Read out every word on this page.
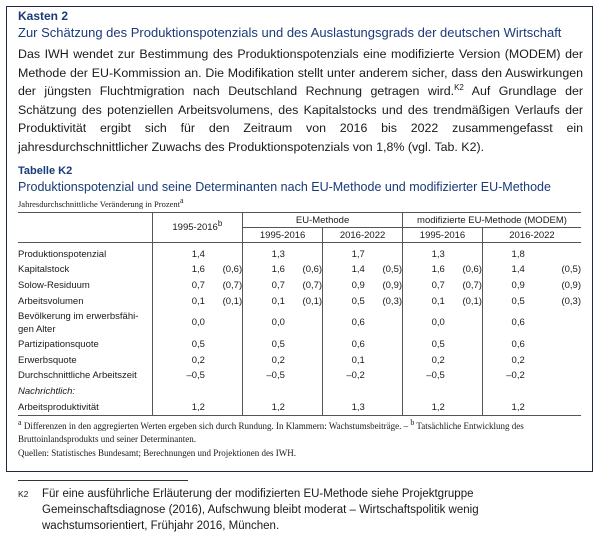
Kasten 2
Zur Schätzung des Produktionspotenzials und des Auslastungsgrads der deutschen Wirtschaft
Das IWH wendet zur Bestimmung des Produktionspotenzials eine modifizierte Version (MODEM) der Methode der EU-Kommission an. Die Modifikation stellt unter anderem sicher, dass den Auswirkungen der jüngsten Fluchtmigration nach Deutschland Rechnung getragen wird.$^{K2}$ Auf Grundlage der Schätzung des potenziellen Arbeitsvolumens, des Kapitalstocks und des trendmäßigen Verlaufs der Produktivität ergibt sich für den Zeitraum von 2016 bis 2022 zusammengefasst ein jahresdurchschnittlicher Zuwachs des Produktionspotenzials von 1,8% (vgl. Tab. K2).
Tabelle K2
Produktionspotenzial und seine Determinanten nach EU-Methode und modifizierter EU-Methode
Jahresdurchschnittliche Veränderung in Prozenta
			EU-Methode				modifizierte EU-Methode (MODEM)			
	1995-2016$^b$		1995-2016		2016-2022		1995-2016		2016-2022	

Produktionspotenzial	1,4		1,3		1,7		1,3		1,8	
Kapitalstock	1,6	(0,6)	1,6	(0,6)	1,4	(0,5)	1,6	(0,6)	1,4	(0,5)
Solow-Residuum	0,7	(0,7)	0,7	(0,7)	0,9	(0,9)	0,7	(0,7)	0,9	(0,9)
Arbeitsvolumen	0,1	(0,1)	0,1	(0,1)	0,5	(0,3)	0,1	(0,1)	0,5	(0,3)
Bevölkerung im erwerbsfähi-
gen Alter	0,0		0,0		0,6		0,0		0,6	
Partizipationsquote	0,5		0,5		0,6		0,5		0,6	
Erwerbsquote	0,2		0,2		0,1		0,2		0,2	
Durchschnittliche Arbeitszeit	–0,5		–0,5		–0,2		–0,5		–0,2	
Nachrichtlich:										
Arbeitsproduktivität	1,2		1,2		1,3		1,2		1,2	
a Differenzen in den aggregierten Werten ergeben sich durch Rundung. In Klammern: Wachstumsbeiträge. – b Tatsächliche Entwicklung des Bruttoinlandsprodukts und seiner Determinanten.
Quellen: Statistisches Bundesamt; Berechnungen und Projektionen des IWH.
K2 Für eine ausführliche Erläuterung der modifizierten EU-Methode siehe Projektgruppe Gemeinschaftsdiagnose (2016), Aufschwung bleibt moderat – Wirtschaftspolitik wenig wachstumsorientiert, Frühjahr 2016, München.
